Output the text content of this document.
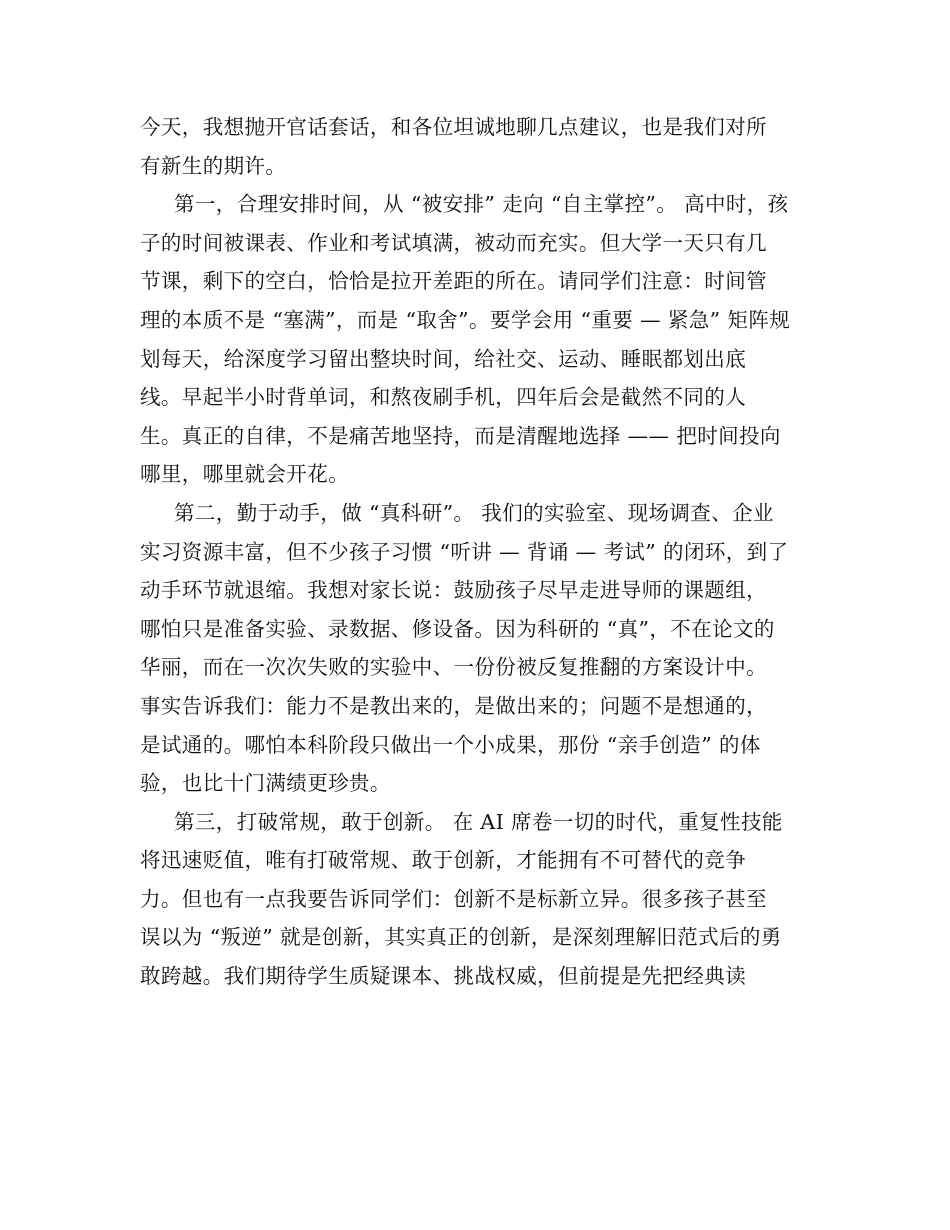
今天，我想抛开官话套话，和各位坦诚地聊几点建议，也是我们对所
有新生的期许。
第一，合理安排时间，从 “被安排” 走向 “自主掌控”。 高中时，孩
子的时间被课表、作业和考试填满，被动而充实。但大学一天只有几
节课，剩下的空白，恰恰是拉开差距的所在。请同学们注意：时间管
理的本质不是 “塞满”，而是 “取舍”。要学会用 “重要 — 紧急” 矩阵规
划每天，给深度学习留出整块时间，给社交、运动、睡眠都划出底
线。早起半小时背单词，和熬夜刷手机，四年后会是截然不同的人
生。真正的自律，不是痛苦地坚持，而是清醒地选择 —— 把时间投向
哪里，哪里就会开花。
第二，勤于动手，做 “真科研”。 我们的实验室、现场调查、企业
实习资源丰富，但不少孩子习惯 “听讲 — 背诵 — 考试” 的闭环，到了
动手环节就退缩。我想对家长说：鼓励孩子尽早走进导师的课题组，
哪怕只是准备实验、录数据、修设备。因为科研的 “真”，不在论文的
华丽，而在一次次失败的实验中、一份份被反复推翻的方案设计中。
事实告诉我们：能力不是教出来的，是做出来的；问题不是想通的，
是试通的。哪怕本科阶段只做出一个小成果，那份 “亲手创造” 的体
验，也比十门满绩更珍贵。
第三，打破常规，敢于创新。 在 AI 席卷一切的时代，重复性技能
将迅速贬值，唯有打破常规、敢于创新，才能拥有不可替代的竞争
力。但也有一点我要告诉同学们：创新不是标新立异。很多孩子甚至
误以为 “叛逆” 就是创新，其实真正的创新，是深刻理解旧范式后的勇
敢跨越。我们期待学生质疑课本、挑战权威，但前提是先把经典读
